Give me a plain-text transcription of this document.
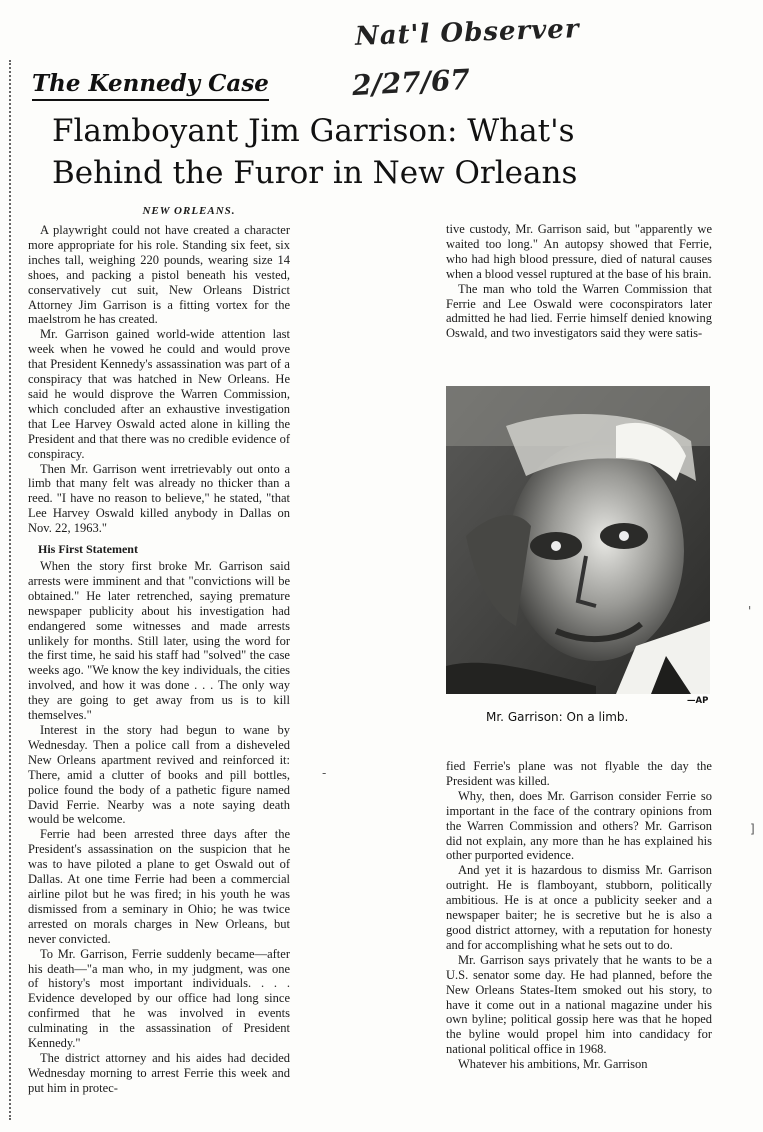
Nat'l Observer
2/27/67
The Kennedy Case
Flamboyant Jim Garrison: What's
Behind the Furor in New Orleans
NEW ORLEANS.

A playwright could not have created a character more appropriate for his role. Standing six feet, six inches tall, weighing 220 pounds, wearing size 14 shoes, and packing a pistol beneath his vested, conservatively cut suit, New Orleans District Attorney Jim Garrison is a fitting vortex for the maelstrom he has created.

Mr. Garrison gained world-wide attention last week when he vowed he could and would prove that President Kennedy's assassination was part of a conspiracy that was hatched in New Orleans. He said he would disprove the Warren Commission, which concluded after an exhaustive investigation that Lee Harvey Oswald acted alone in killing the President and that there was no credible evidence of conspiracy.

Then Mr. Garrison went irretrievably out onto a limb that many felt was already no thicker than a reed. "I have no reason to believe," he stated, "that Lee Harvey Oswald killed anybody in Dallas on Nov. 22, 1963."

His First Statement

When the story first broke Mr. Garrison said arrests were imminent and that "convictions will be obtained." He later retrenched, saying premature newspaper publicity about his investigation had endangered some witnesses and made arrests unlikely for months. Still later, using the word for the first time, he said his staff had "solved" the case weeks ago. "We know the key individuals, the cities involved, and how it was done . . . The only way they are going to get away from us is to kill themselves."

Interest in the story had begun to wane by Wednesday. Then a police call from a disheveled New Orleans apartment revived and reinforced it: There, amid a clutter of books and pill bottles, police found the body of a pathetic figure named David Ferrie. Nearby was a note saying death would be welcome.

Ferrie had been arrested three days after the President's assassination on the suspicion that he was to have piloted a plane to get Oswald out of Dallas. At one time Ferrie had been a commercial airline pilot but he was fired; in his youth he was dismissed from a seminary in Ohio; he was twice arrested on morals charges in New Orleans, but never convicted.

To Mr. Garrison, Ferrie suddenly became—after his death—"a man who, in my judgment, was one of history's most important individuals. . . . Evidence developed by our office had long since confirmed that he was involved in events culminating in the assassination of President Kennedy."

The district attorney and his aides had decided Wednesday morning to arrest Ferrie this week and put him in protec-

tive custody, Mr. Garrison said, but "apparently we waited too long." An autopsy showed that Ferrie, who had high blood pressure, died of natural causes when a blood vessel ruptured at the base of his brain.

The man who told the Warren Commission that Ferrie and Lee Oswald were coconspirators later admitted he had lied. Ferrie himself denied knowing Oswald, and two investigators said they were satis-

—AP
Mr. Garrison: On a limb.

fied Ferrie's plane was not flyable the day the President was killed.

Why, then, does Mr. Garrison consider Ferrie so important in the face of the contrary opinions from the Warren Commission and others? Mr. Garrison did not explain, any more than he has explained his other purported evidence.

And yet it is hazardous to dismiss Mr. Garrison outright. He is flamboyant, stubborn, politically ambitious. He is at once a publicity seeker and a newspaper baiter; he is secretive but he is also a good district attorney, with a reputation for honesty and for accomplishing what he sets out to do.

Mr. Garrison says privately that he wants to be a U.S. senator some day. He had planned, before the New Orleans States-Item smoked out his story, to have it come out in a national magazine under his own byline; political gossip here was that he hoped the byline would propel him into candidacy for national political office in 1968.

Whatever his ambitions, Mr. Garrison

'
]
-
